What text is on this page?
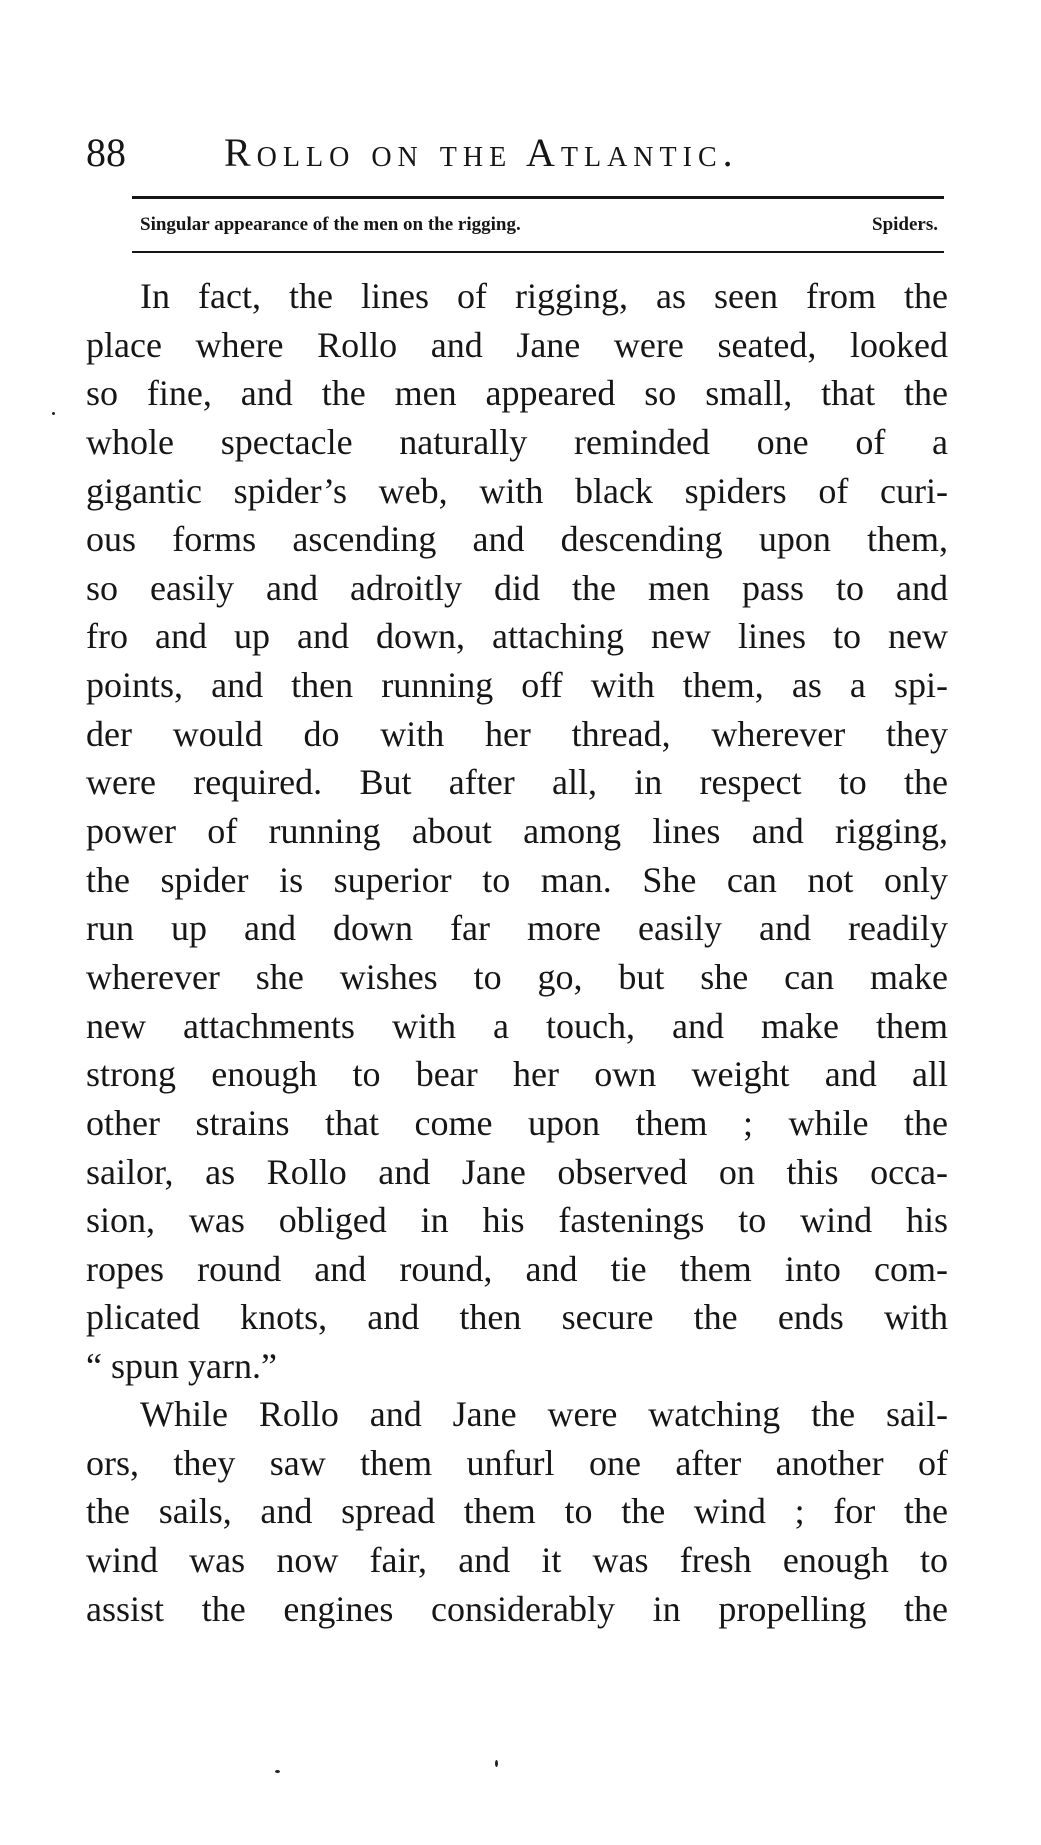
88 Rollo on the Atlantic.
Singular appearance of the men on the rigging.	Spiders.
In fact, the lines of rigging, as seen from the
place where Rollo and Jane were seated, looked
so fine, and the men appeared so small, that the
whole spectacle naturally reminded one of a
gigantic spider’s web, with black spiders of curi-
ous forms ascending and descending upon them,
so easily and adroitly did the men pass to and
fro and up and down, attaching new lines to new
points, and then running off with them, as a spi-
der would do with her thread, wherever they
were required. But after all, in respect to the
power of running about among lines and rigging,
the spider is superior to man. She can not only
run up and down far more easily and readily
wherever she wishes to go, but she can make
new attachments with a touch, and make them
strong enough to bear her own weight and all
other strains that come upon them ; while the
sailor, as Rollo and Jane observed on this occa-
sion, was obliged in his fastenings to wind his
ropes round and round, and tie them into com-
plicated knots, and then secure the ends with
“ spun yarn.”
While Rollo and Jane were watching the sail-
ors, they saw them unfurl one after another of
the sails, and spread them to the wind ; for the
wind was now fair, and it was fresh enough to
assist the engines considerably in propelling the
